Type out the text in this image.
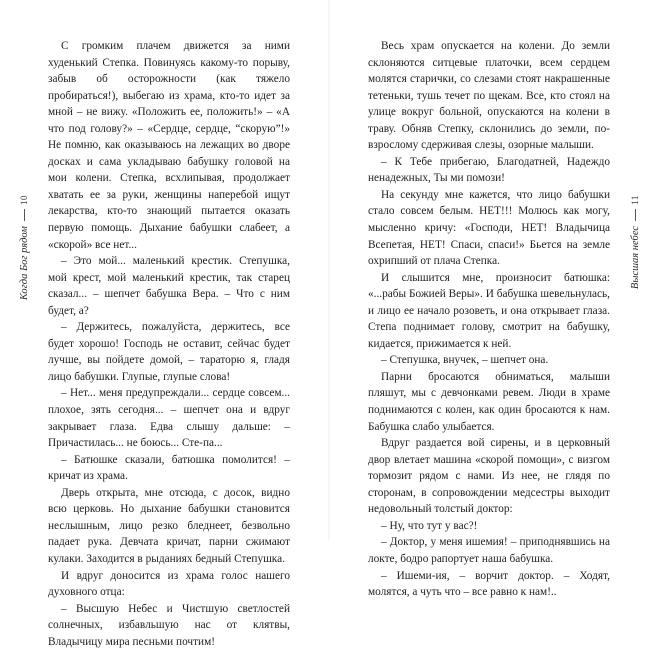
10
Когда Бог рядом

С громким плачем движется за ними худенький Степка. Повинуясь какому-то порыву, забыв об осторожности (как тяжело пробираться!), выбегаю из храма, кто-то идет за мной – не вижу. «Положить ее, положить!» – «А что под голову?» – «Сердце, сердце, “скорую”!» Не помню, как оказываюсь на лежащих во дворе досках и сама укладываю бабушку головой на мои колени. Степка, всхлипывая, продолжает хватать ее за руки, женщины наперебой ищут лекарства, кто-то знающий пытается оказать первую помощь. Дыхание бабушки слабеет, а «скорой» все нет...

– Это мой... маленький крестик. Степушка, мой крест, мой маленький крестик, так старец сказал... – шепчет бабушка Вера. – Что с ним будет, а?

– Держитесь, пожалуйста, держитесь, все будет хорошо! Господь не оставит, сейчас будет лучше, вы пойдете домой, – тараторю я, гладя лицо бабушки. Глупые, глупые слова!

– Нет... меня предупреждали... сердце совсем... плохое, зять сегодня... – шепчет она и вдруг закрывает глаза. Едва слышу дальше: – Причастилась... не боюсь... Сте-па...

– Батюшке сказали, батюшка помолится! – кричат из храма.

Дверь открыта, мне отсюда, с досок, видно всю церковь. Но дыхание бабушки становится неслышным, лицо резко бледнеет, безвольно падает рука. Девчата кричат, парни сжимают кулаки. Заходится в рыданиях бедный Степушка.

И вдруг доносится из храма голос нашего духовного отца:

– Высшую Небес и Чистшую светлостей солнечных, избавльшую нас от клятвы, Владычицу мира песньми почтим!

Весь храм опускается на колени. До земли склоняются ситцевые платочки, всем сердцем молятся старички, со слезами стоят накрашенные тетеньки, тушь течет по щекам. Все, кто стоял на улице вокруг больной, опускаются на колени в траву. Обняв Степку, склонились до земли, по-взрослому сдерживая слезы, озорные малыши.

– К Тебе прибегаю, Благодатней, Надеждо ненадежных, Ты ми помози!

На секунду мне кажется, что лицо бабушки стало совсем белым. НЕТ!!! Молюсь как могу, мысленно кричу: «Господи, НЕТ! Владычица Всепетая, НЕТ! Спаси, спаси!» Бьется на земле охрипший от плача Степка.

И слышится мне, произносит батюшка: «...рабы Божией Веры». И бабушка шевельнулась, и лицо ее начало розоветь, и она открывает глаза. Степа поднимает голову, смотрит на бабушку, кидается, прижимается к ней.

– Степушка, внучек, – шепчет она.

Парни бросаются обниматься, малыши пляшут, мы с девчонками ревем. Люди в храме поднимаются с колен, как один бросаются к нам. Бабушка слабо улыбается.

Вдруг раздается вой сирены, и в церковный двор влетает машина «скорой помощи», с визгом тормозит рядом с нами. Из нее, не глядя по сторонам, в сопровождении медсестры выходит недовольный толстый доктор:

– Ну, что тут у вас?!

– Доктор, у меня ишемия! – приподнявшись на локте, бодро рапортует наша бабушка.

– Ишеми-ия, – ворчит доктор. – Ходят, молятся, а чуть что – все равно к нам!..

11
Высшая небес
